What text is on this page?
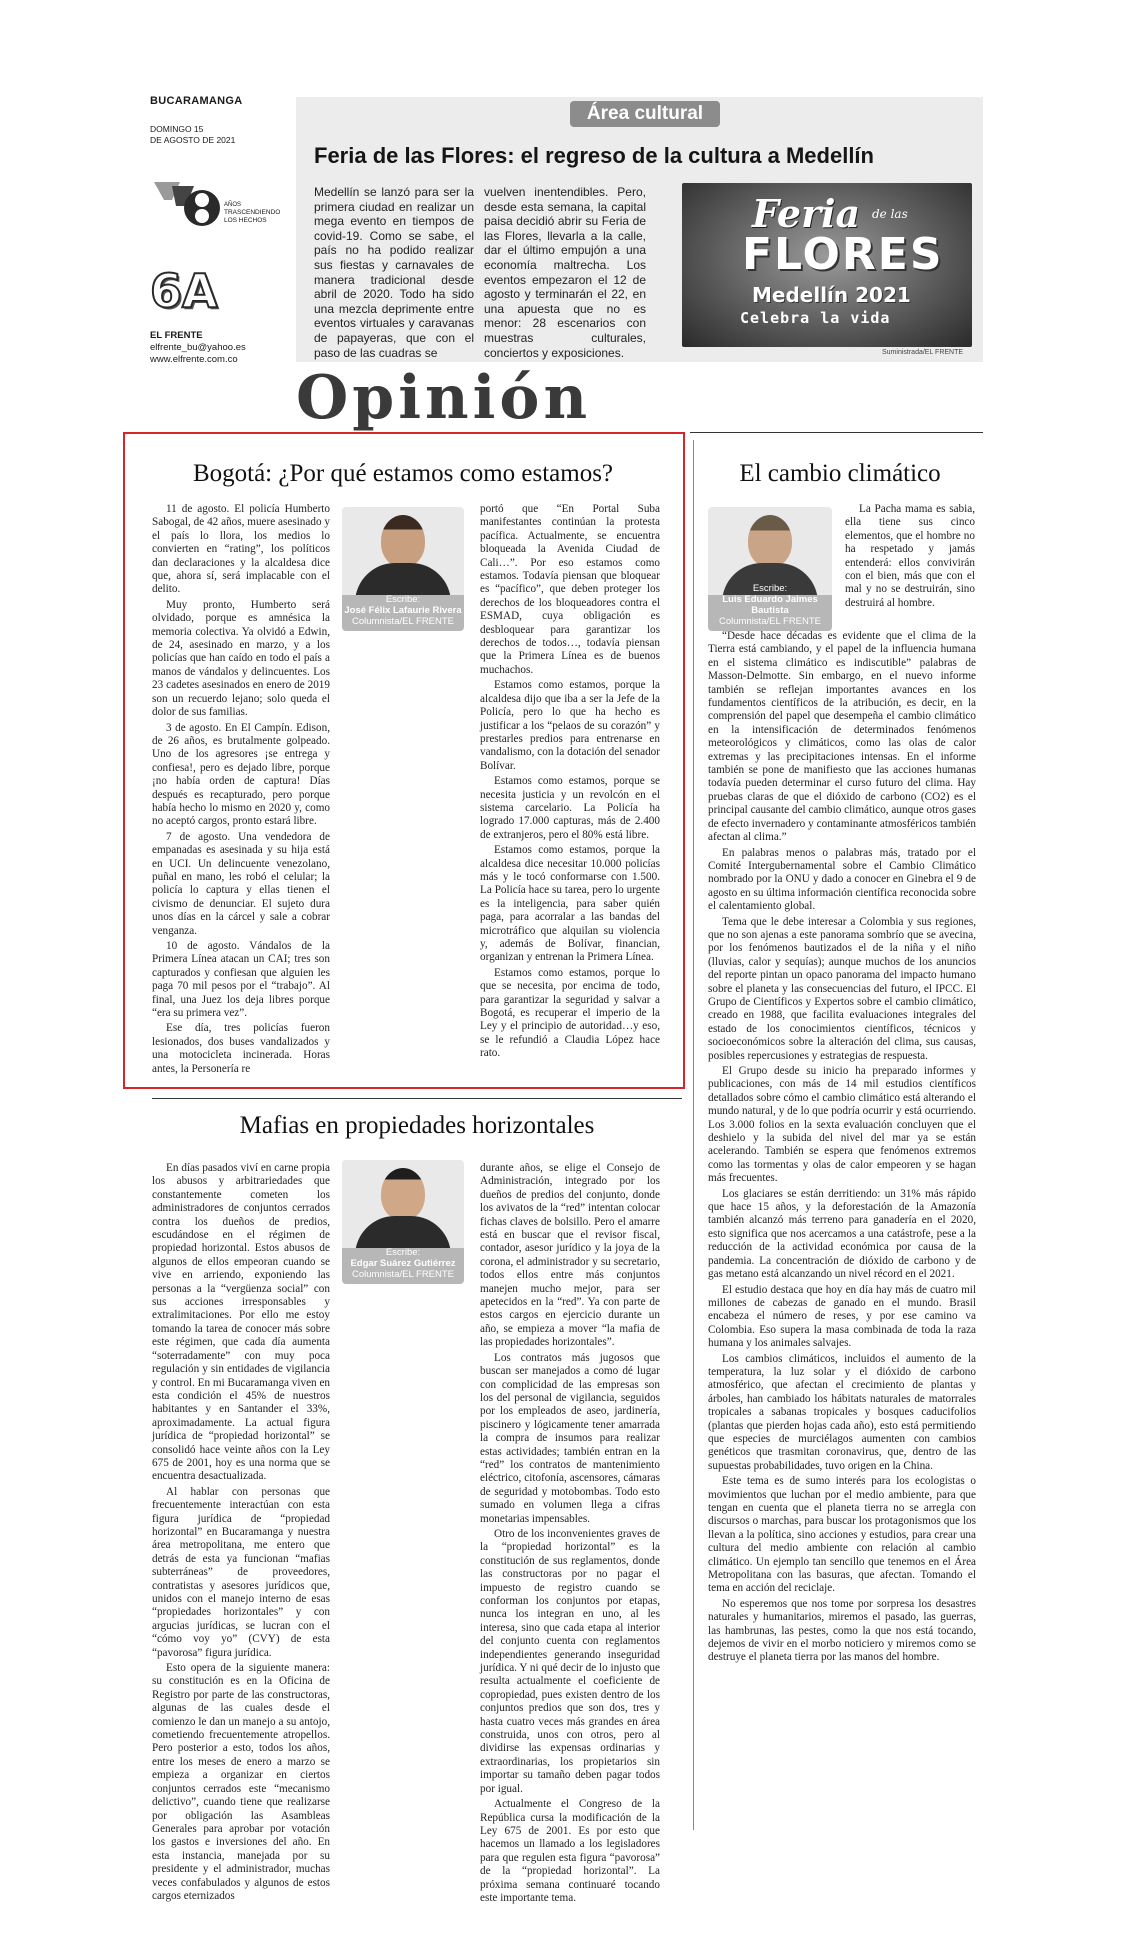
BUCARAMANGA
DOMINGO 15
DE AGOSTO DE 2021
AÑOS
TRASCENDIENDO
LOS HECHOS
6A
EL FRENTE
elfrente_bu@yahoo.es
www.elfrente.com.co
Área cultural
Feria de las Flores: el regreso de la cultura a Medellín

Medellín se lanzó para ser la primera ciudad en realizar un mega evento en tiempos de covid-19. Como se sabe, el país no ha podido realizar sus fiestas y carnavales de manera tradicional desde abril de 2020. Todo ha sido una mezcla deprimente entre eventos virtuales y caravanas de papayeras, que con el paso de las cuadras se

vuelven inentendibles. Pero, desde esta semana, la capital paisa decidió abrir su Feria de las Flores, llevarla a la calle, dar el último empujón a una economía maltrecha. Los eventos empezaron el 12 de agosto y terminarán el 22, en una apuesta que no es menor: 28 escenarios con muestras culturales, conciertos y exposiciones.

Feria de las
FLORES
Medellín 2021
Celebra la vida
Suministrada/EL FRENTE
Opinión
Bogotá: ¿Por qué estamos como estamos?
Escribe:
José Félix Lafaurie Rivera
Columnista/EL FRENTE

11 de agosto. El policía Humberto Sabogal, de 42 años, muere asesinado y el país lo llora, los medios lo convierten en “rating”, los políticos dan declaraciones y la alcaldesa dice que, ahora sí, será implacable con el delito.

Muy pronto, Humberto será olvidado, porque es amnésica la memoria colectiva. Ya olvidó a Edwin, de 24, asesinado en marzo, y a los policías que han caído en todo el país a manos de vándalos y delincuentes. Los 23 cadetes asesinados en enero de 2019 son un recuerdo lejano; solo queda el dolor de sus familias.

3 de agosto. En El Campín. Edison, de 26 años, es brutalmente golpeado. Uno de los agresores ¡se entrega y confiesa!, pero es dejado libre, porque ¡no había orden de captura! Días después es recapturado, pero porque había hecho lo mismo en 2020 y, como no aceptó cargos, pronto estará libre.

7 de agosto. Una vendedora de empanadas es asesinada y su hija está en UCI. Un delincuente venezolano, puñal en mano, les robó el celular; la policía lo captura y ellas tienen el civismo de denunciar. El sujeto dura unos días en la cárcel y sale a cobrar venganza.

10 de agosto. Vándalos de la Primera Línea atacan un CAI; tres son capturados y confiesan que alguien les paga 70 mil pesos por el “trabajo”. Al final, una Juez los deja libres porque “era su primera vez”.

Ese día, tres policías fueron lesionados, dos buses vandalizados y una motocicleta incinerada. Horas antes, la Personería re

portó que “En Portal Suba manifestantes continúan la protesta pacífica. Actualmente, se encuentra bloqueada la Avenida Ciudad de Cali…”. Por eso estamos como estamos. Todavía piensan que bloquear es “pacífico”, que deben proteger los derechos de los bloqueadores contra el ESMAD, cuya obligación es desbloquear para garantizar los derechos de todos…, todavía piensan que la Primera Línea es de buenos muchachos.

Estamos como estamos, porque la alcaldesa dijo que iba a ser la Jefe de la Policía, pero lo que ha hecho es justificar a los “pelaos de su corazón” y prestarles predios para entrenarse en vandalismo, con la dotación del senador Bolívar.

Estamos como estamos, porque se necesita justicia y un revolcón en el sistema carcelario. La Policía ha logrado 17.000 capturas, más de 2.400 de extranjeros, pero el 80% está libre.

Estamos como estamos, porque la alcaldesa dice necesitar 10.000 policías más y le tocó conformarse con 1.500. La Policía hace su tarea, pero lo urgente es la inteligencia, para saber quién paga, para acorralar a las bandas del microtráfico que alquilan su violencia y, además de Bolívar, financian, organizan y entrenan la Primera Línea.

Estamos como estamos, porque lo que se necesita, por encima de todo, para garantizar la seguridad y salvar a Bogotá, es recuperar el imperio de la Ley y el principio de autoridad…y eso, se le refundió a Claudia López hace rato.

Mafias en propiedades horizontales
Escribe:
Edgar Suárez Gutiérrez
Columnista/EL FRENTE

En días pasados viví en carne propia los abusos y arbitrariedades que constantemente cometen los administradores de conjuntos cerrados contra los dueños de predios, escudándose en el régimen de propiedad horizontal. Estos abusos de algunos de ellos empeoran cuando se vive en arriendo, exponiendo las personas a la “vergüenza social” con sus acciones irresponsables y extralimitaciones. Por ello me estoy tomando la tarea de conocer más sobre este régimen, que cada día aumenta “soterradamente” con muy poca regulación y sin entidades de vigilancia y control. En mi Bucaramanga viven en esta condición el 45% de nuestros habitantes y en Santander el 33%, aproximadamente. La actual figura jurídica de “propiedad horizontal” se consolidó hace veinte años con la Ley 675 de 2001, hoy es una norma que se encuentra desactualizada.

Al hablar con personas que frecuentemente interactúan con esta figura jurídica de “propiedad horizontal” en Bucaramanga y nuestra área metropolitana, me entero que detrás de esta ya funcionan “mafias subterráneas” de proveedores, contratistas y asesores jurídicos que, unidos con el manejo interno de esas “propiedades horizontales” y con argucias jurídicas, se lucran con el “cómo voy yo” (CVY) de esta “pavorosa” figura jurídica.

Esto opera de la siguiente manera: su constitución es en la Oficina de Registro por parte de las constructoras, algunas de las cuales desde el comienzo le dan un manejo a su antojo, cometiendo frecuentemente atropellos. Pero posterior a esto, todos los años, entre los meses de enero a marzo se empieza a organizar en ciertos conjuntos cerrados este “mecanismo delictivo”, cuando tiene que realizarse por obligación las Asambleas Generales para aprobar por votación los gastos e inversiones del año. En esta instancia, manejada por su presidente y el administrador, muchas veces confabulados y algunos de estos cargos eternizados

durante años, se elige el Consejo de Administración, integrado por los dueños de predios del conjunto, donde los avivatos de la “red” intentan colocar fichas claves de bolsillo. Pero el amarre está en buscar que el revisor fiscal, contador, asesor jurídico y la joya de la corona, el administrador y su secretario, todos ellos entre más conjuntos manejen mucho mejor, para ser apetecidos en la “red”. Ya con parte de estos cargos en ejercicio durante un año, se empieza a mover “la mafia de las propiedades horizontales”.

Los contratos más jugosos que buscan ser manejados a como dé lugar con complicidad de las empresas son los del personal de vigilancia, seguidos por los empleados de aseo, jardinería, piscinero y lógicamente tener amarrada la compra de insumos para realizar estas actividades; también entran en la “red” los contratos de mantenimiento eléctrico, citofonía, ascensores, cámaras de seguridad y motobombas. Todo esto sumado en volumen llega a cifras monetarias impensables.

Otro de los inconvenientes graves de la “propiedad horizontal” es la constitución de sus reglamentos, donde las constructoras por no pagar el impuesto de registro cuando se conforman los conjuntos por etapas, nunca los integran en uno, al les interesa, sino que cada etapa al interior del conjunto cuenta con reglamentos independientes generando inseguridad jurídica. Y ni qué decir de lo injusto que resulta actualmente el coeficiente de copropiedad, pues existen dentro de los conjuntos predios que son dos, tres y hasta cuatro veces más grandes en área construida, unos con otros, pero al dividirse las expensas ordinarias y extraordinarias, los propietarios sin importar su tamaño deben pagar todos por igual.

Actualmente el Congreso de la República cursa la modificación de la Ley 675 de 2001. Es por esto que hacemos un llamado a los legisladores para que regulen esta figura “pavorosa” de la “propiedad horizontal”. La próxima semana continuaré tocando este importante tema.

El cambio climático
Escribe:
Luis Eduardo Jaimes Bautista
Columnista/EL FRENTE

La Pacha mama es sabia, ella tiene sus cinco elementos, que el hombre no ha respetado y jamás entenderá: ellos convivirán con el bien, más que con el mal y no se destruirán, sino destruirá al hombre.

“Desde hace décadas es evidente que el clima de la Tierra está cambiando, y el papel de la influencia humana en el sistema climático es indiscutible” palabras de Masson-Delmotte. Sin embargo, en el nuevo informe también se reflejan importantes avances en los fundamentos científicos de la atribución, es decir, en la comprensión del papel que desempeña el cambio climático en la intensificación de determinados fenómenos meteorológicos y climáticos, como las olas de calor extremas y las precipitaciones intensas. En el informe también se pone de manifiesto que las acciones humanas todavía pueden determinar el curso futuro del clima. Hay pruebas claras de que el dióxido de carbono (CO2) es el principal causante del cambio climático, aunque otros gases de efecto invernadero y contaminante atmosféricos también afectan al clima.”

En palabras menos o palabras más, tratado por el Comité Intergubernamental sobre el Cambio Climático nombrado por la ONU y dado a conocer en Ginebra el 9 de agosto en su última información científica reconocida sobre el calentamiento global.

Tema que le debe interesar a Colombia y sus regiones, que no son ajenas a este panorama sombrío que se avecina, por los fenómenos bautizados el de la niña y el niño (lluvias, calor y sequías); aunque muchos de los anuncios del reporte pintan un opaco panorama del impacto humano sobre el planeta y las consecuencias del futuro, el IPCC. El Grupo de Científicos y Expertos sobre el cambio climático, creado en 1988, que facilita evaluaciones integrales del estado de los conocimientos científicos, técnicos y socioeconómicos sobre la alteración del clima, sus causas, posibles repercusiones y estrategias de respuesta.

El Grupo desde su inicio ha preparado informes y publicaciones, con más de 14 mil estudios científicos detallados sobre cómo el cambio climático está alterando el mundo natural, y de lo que podría ocurrir y está ocurriendo. Los 3.000 folios en la sexta evaluación concluyen que el deshielo y la subida del nivel del mar ya se están acelerando. También se espera que fenómenos extremos como las tormentas y olas de calor empeoren y se hagan más frecuentes.

Los glaciares se están derritiendo: un 31% más rápido que hace 15 años, y la deforestación de la Amazonía también alcanzó más terreno para ganadería en el 2020, esto significa que nos acercamos a una catástrofe, pese a la reducción de la actividad económica por causa de la pandemia. La concentración de dióxido de carbono y de gas metano está alcanzando un nivel récord en el 2021.

El estudio destaca que hoy en día hay más de cuatro mil millones de cabezas de ganado en el mundo. Brasil encabeza el número de reses, y por ese camino va Colombia. Eso supera la masa combinada de toda la raza humana y los animales salvajes.

Los cambios climáticos, incluidos el aumento de la temperatura, la luz solar y el dióxido de carbono atmosférico, que afectan el crecimiento de plantas y árboles, han cambiado los hábitats naturales de matorrales tropicales a sabanas tropicales y bosques caducifolios (plantas que pierden hojas cada año), esto está permitiendo que especies de murciélagos aumenten con cambios genéticos que trasmitan coronavirus, que, dentro de las supuestas probabilidades, tuvo origen en la China.

Este tema es de sumo interés para los ecologistas o movimientos que luchan por el medio ambiente, para que tengan en cuenta que el planeta tierra no se arregla con discursos o marchas, para buscar los protagonismos que los llevan a la política, sino acciones y estudios, para crear una cultura del medio ambiente con relación al cambio climático. Un ejemplo tan sencillo que tenemos en el Área Metropolitana con las basuras, que afectan. Tomando el tema en acción del reciclaje.

No esperemos que nos tome por sorpresa los desastres naturales y humanitarios, miremos el pasado, las guerras, las hambrunas, las pestes, como la que nos está tocando, dejemos de vivir en el morbo noticiero y miremos como se destruye el planeta tierra por las manos del hombre.
